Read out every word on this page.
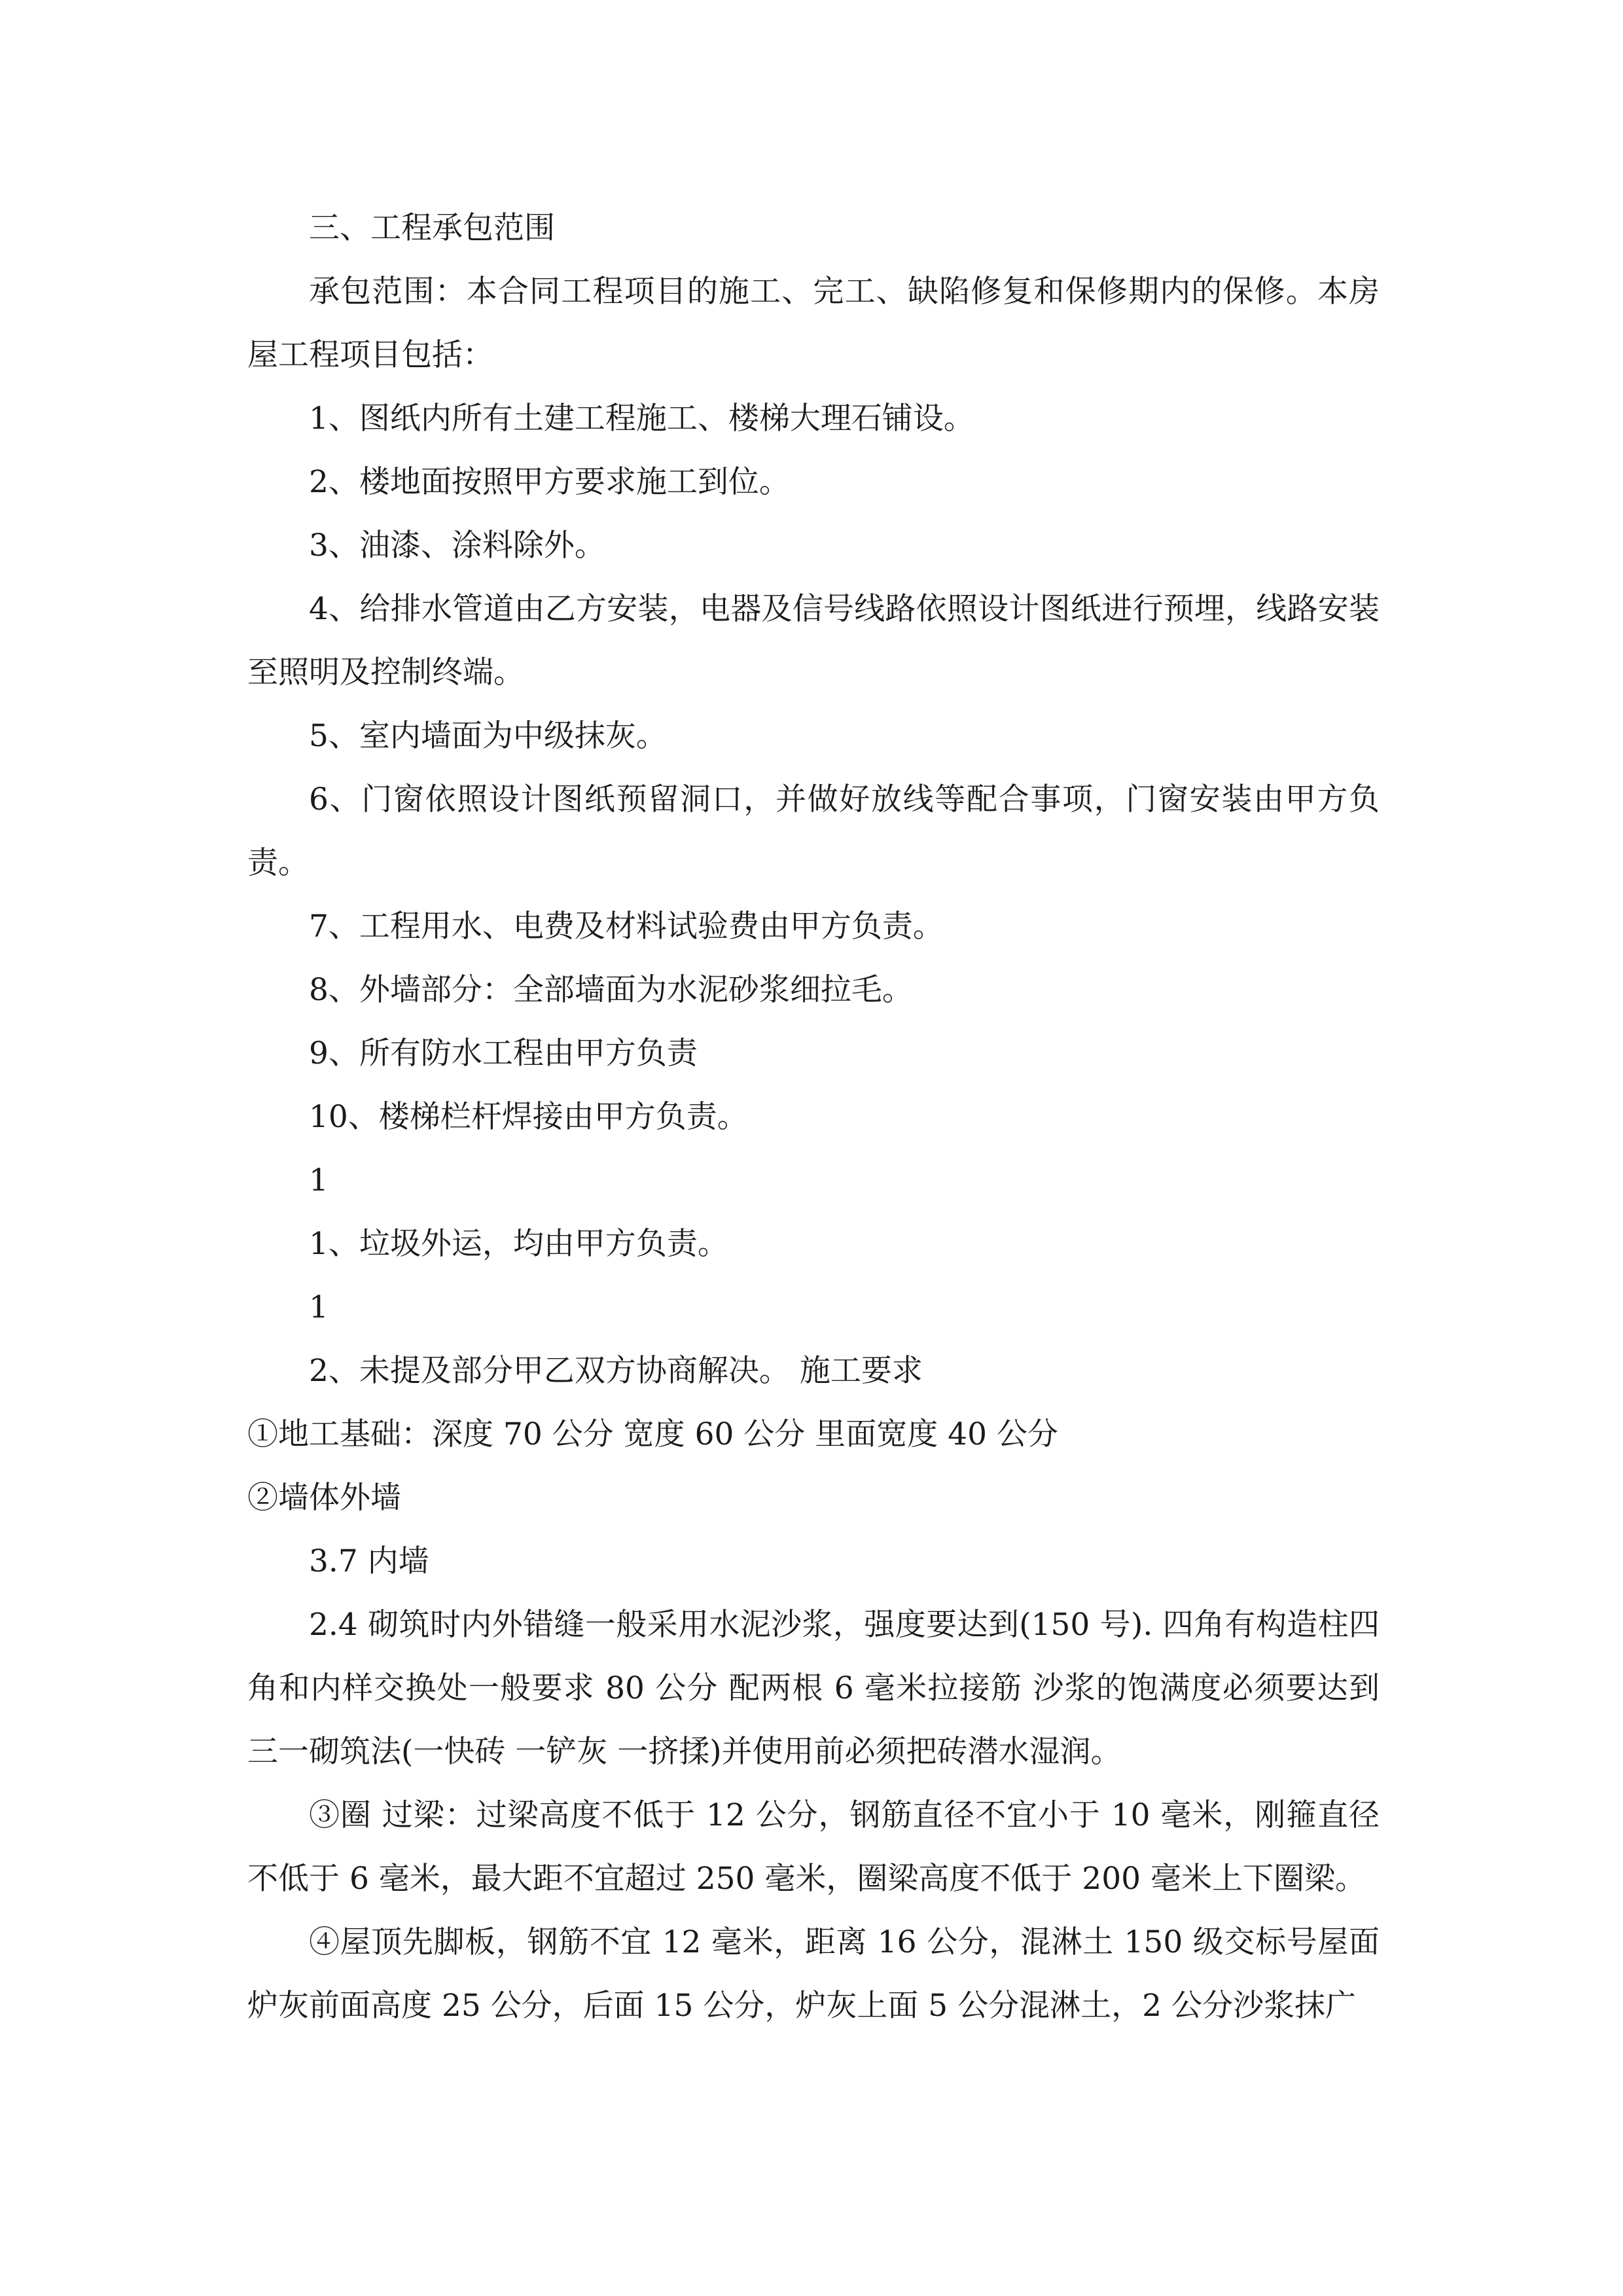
三、工程承包范围

承包范围：本合同工程项目的施工、完工、缺陷修复和保修期内的保修。本房屋工程项目包括：

1、图纸内所有土建工程施工、楼梯大理石铺设。

2、楼地面按照甲方要求施工到位。

3、油漆、涂料除外。

4、给排水管道由乙方安装，电器及信号线路依照设计图纸进行预埋，线路安装至照明及控制终端。

5、室内墙面为中级抹灰。

6、门窗依照设计图纸预留洞口，并做好放线等配合事项，门窗安装由甲方负责。

7、工程用水、电费及材料试验费由甲方负责。

8、外墙部分：全部墙面为水泥砂浆细拉毛。

9、所有防水工程由甲方负责

10、楼梯栏杆焊接由甲方负责。

1

1、垃圾外运，均由甲方负责。

1

2、未提及部分甲乙双方协商解决。 施工要求

①地工基础：深度 70 公分 宽度 60 公分 里面宽度 40 公分

②墙体外墙

3.7 内墙

2.4 砌筑时内外错缝一般采用水泥沙浆，强度要达到(150 号). 四角有构造柱四角和内样交换处一般要求 80 公分 配两根 6 毫米拉接筋 沙浆的饱满度必须要达到三一砌筑法(一快砖 一铲灰 一挤揉)并使用前必须把砖潜水湿润。

③圈 过梁：过梁高度不低于 12 公分，钢筋直径不宜小于 10 毫米，刚箍直径不低于 6 毫米，最大距不宜超过 250 毫米，圈梁高度不低于 200 毫米上下圈梁。

④屋顶先脚板，钢筋不宜 12 毫米，距离 16 公分，混淋土 150 级交标号屋面炉灰前面高度 25 公分，后面 15 公分，炉灰上面 5 公分混淋土，2 公分沙浆抹广
